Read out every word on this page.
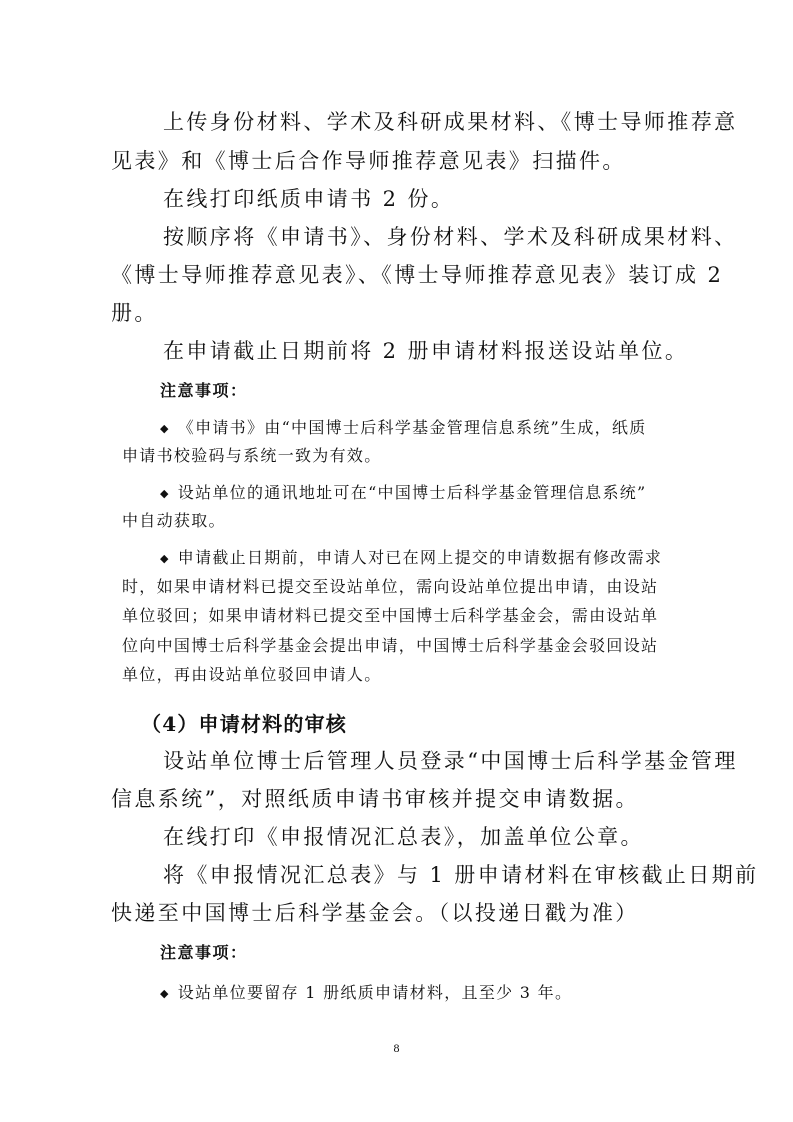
上传身份材料、学术及科研成果材料、《博士导师推荐意
见表》和《博士后合作导师推荐意见表》扫描件。
在线打印纸质申请书 2 份。
按顺序将《申请书》、身份材料、学术及科研成果材料、
《博士导师推荐意见表》、《博士导师推荐意见表》装订成 2
册。
在申请截止日期前将 2 册申请材料报送设站单位。
注意事项：
◆ 《申请书》由“中国博士后科学基金管理信息系统”生成，纸质
申请书校验码与系统一致为有效。
◆ 设站单位的通讯地址可在“中国博士后科学基金管理信息系统”
中自动获取。
◆ 申请截止日期前，申请人对已在网上提交的申请数据有修改需求
时，如果申请材料已提交至设站单位，需向设站单位提出申请，由设站
单位驳回；如果申请材料已提交至中国博士后科学基金会，需由设站单
位向中国博士后科学基金会提出申请，中国博士后科学基金会驳回设站
单位，再由设站单位驳回申请人。
（4）申请材料的审核
设站单位博士后管理人员登录“中国博士后科学基金管理
信息系统”，对照纸质申请书审核并提交申请数据。
在线打印《申报情况汇总表》，加盖单位公章。
将《申报情况汇总表》与 1 册申请材料在审核截止日期前
快递至中国博士后科学基金会。（以投递日戳为准）
注意事项：
◆ 设站单位要留存 1 册纸质申请材料，且至少 3 年。
8
